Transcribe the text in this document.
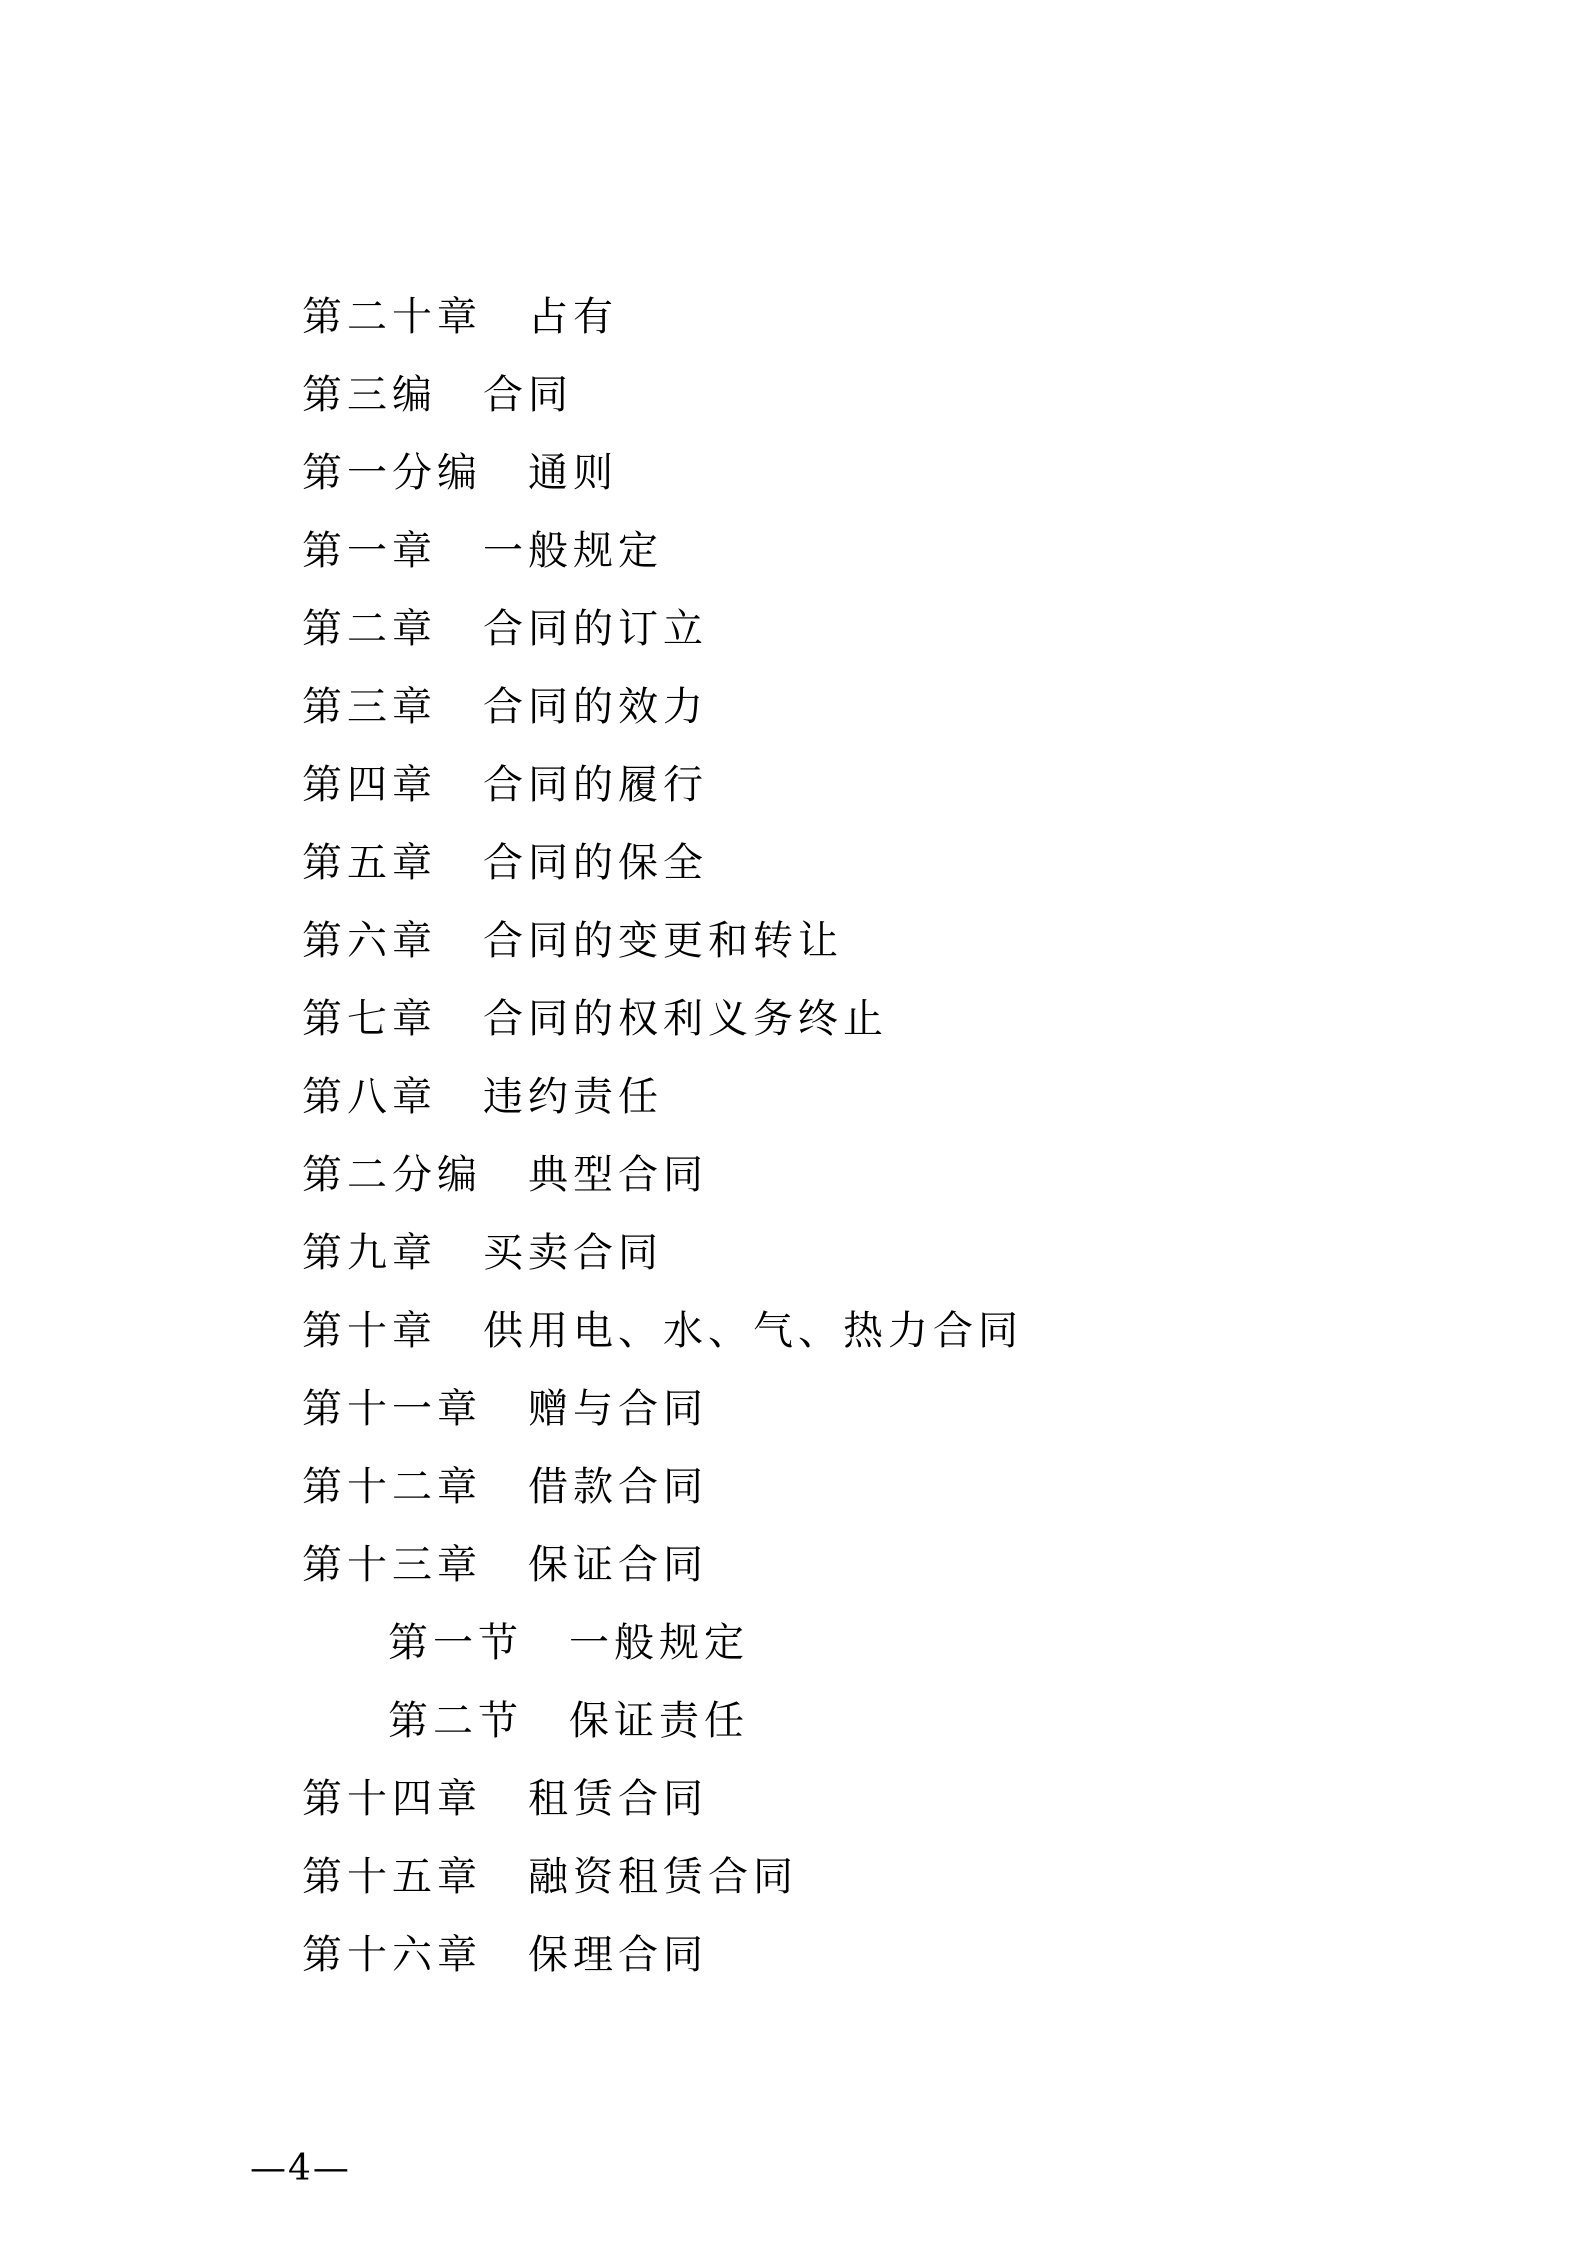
第二十章 占有
第三编 合同
第一分编 通则
第一章 一般规定
第二章 合同的订立
第三章 合同的效力
第四章 合同的履行
第五章 合同的保全
第六章 合同的变更和转让
第七章 合同的权利义务终止
第八章 违约责任
第二分编 典型合同
第九章 买卖合同
第十章 供用电、水、气、热力合同
第十一章 赠与合同
第十二章 借款合同
第十三章 保证合同
第一节 一般规定
第二节 保证责任
第十四章 租赁合同
第十五章 融资租赁合同
第十六章 保理合同
—4—
